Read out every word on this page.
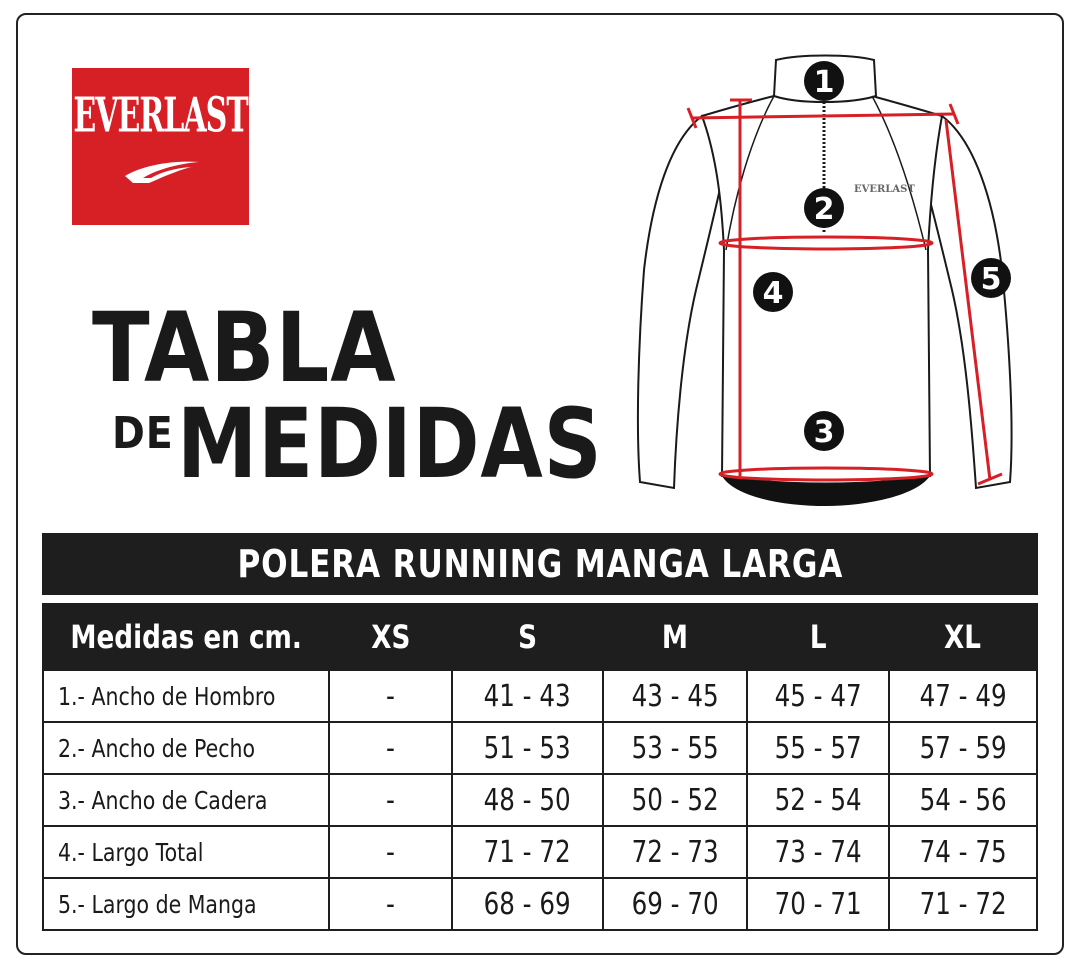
EVERLAST
TABLA
DE MEDIDAS
EVERLAST
1
2
3
4	5
POLERA RUNNING MANGA LARGA
Medidas en cm.	XS	S	M	L	XL
1.- Ancho de Hombro	-	41 - 43	43 - 45	45 - 47	47 - 49
2.- Ancho de Pecho	-	51 - 53	53 - 55	55 - 57	57 - 59
3.- Ancho de Cadera	-	48 - 50	50 - 52	52 - 54	54 - 56
4.- Largo Total	-	71 - 72	72 - 73	73 - 74	74 - 75
5.- Largo de Manga	-	68 - 69	69 - 70	70 - 71	71 - 72
